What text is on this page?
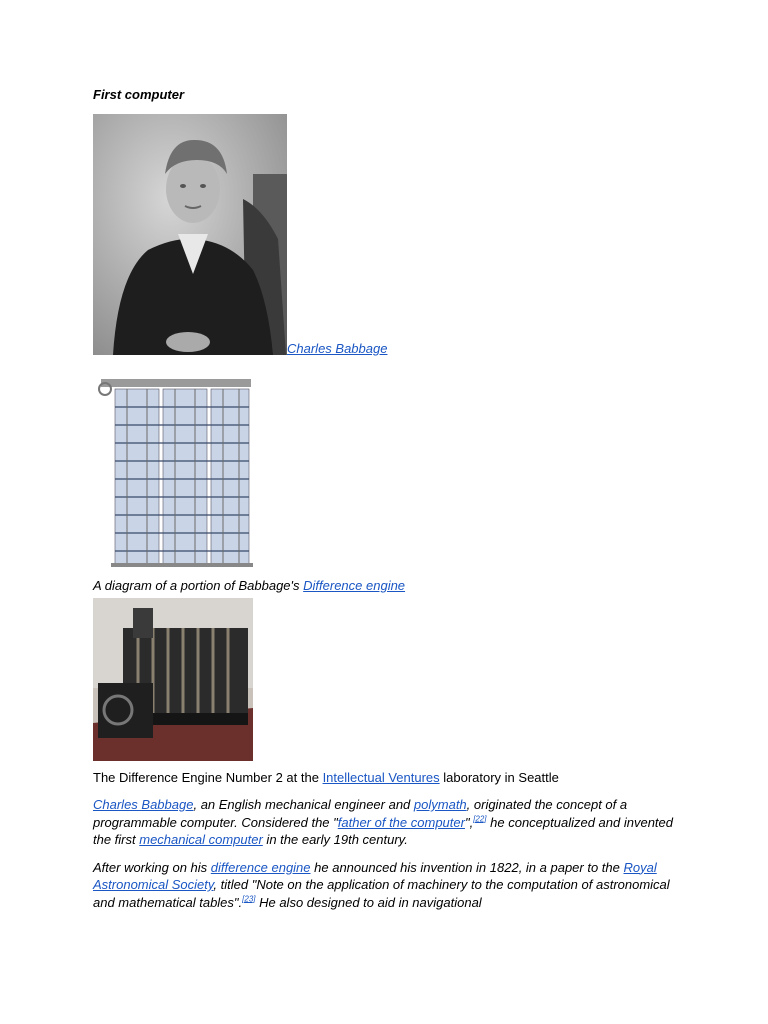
First computer
Charles Babbage
A diagram of a portion of Babbage's Difference engine
The Difference Engine Number 2 at the Intellectual Ventures laboratory in Seattle

Charles Babbage, an English mechanical engineer and polymath, originated the concept of a programmable computer. Considered the "father of the computer",[22] he conceptualized and invented the first mechanical computer in the early 19th century.

After working on his difference engine he announced his invention in 1822, in a paper to the Royal Astronomical Society, titled "Note on the application of machinery to the computation of astronomical and mathematical tables".[23] He also designed to aid in navigational
